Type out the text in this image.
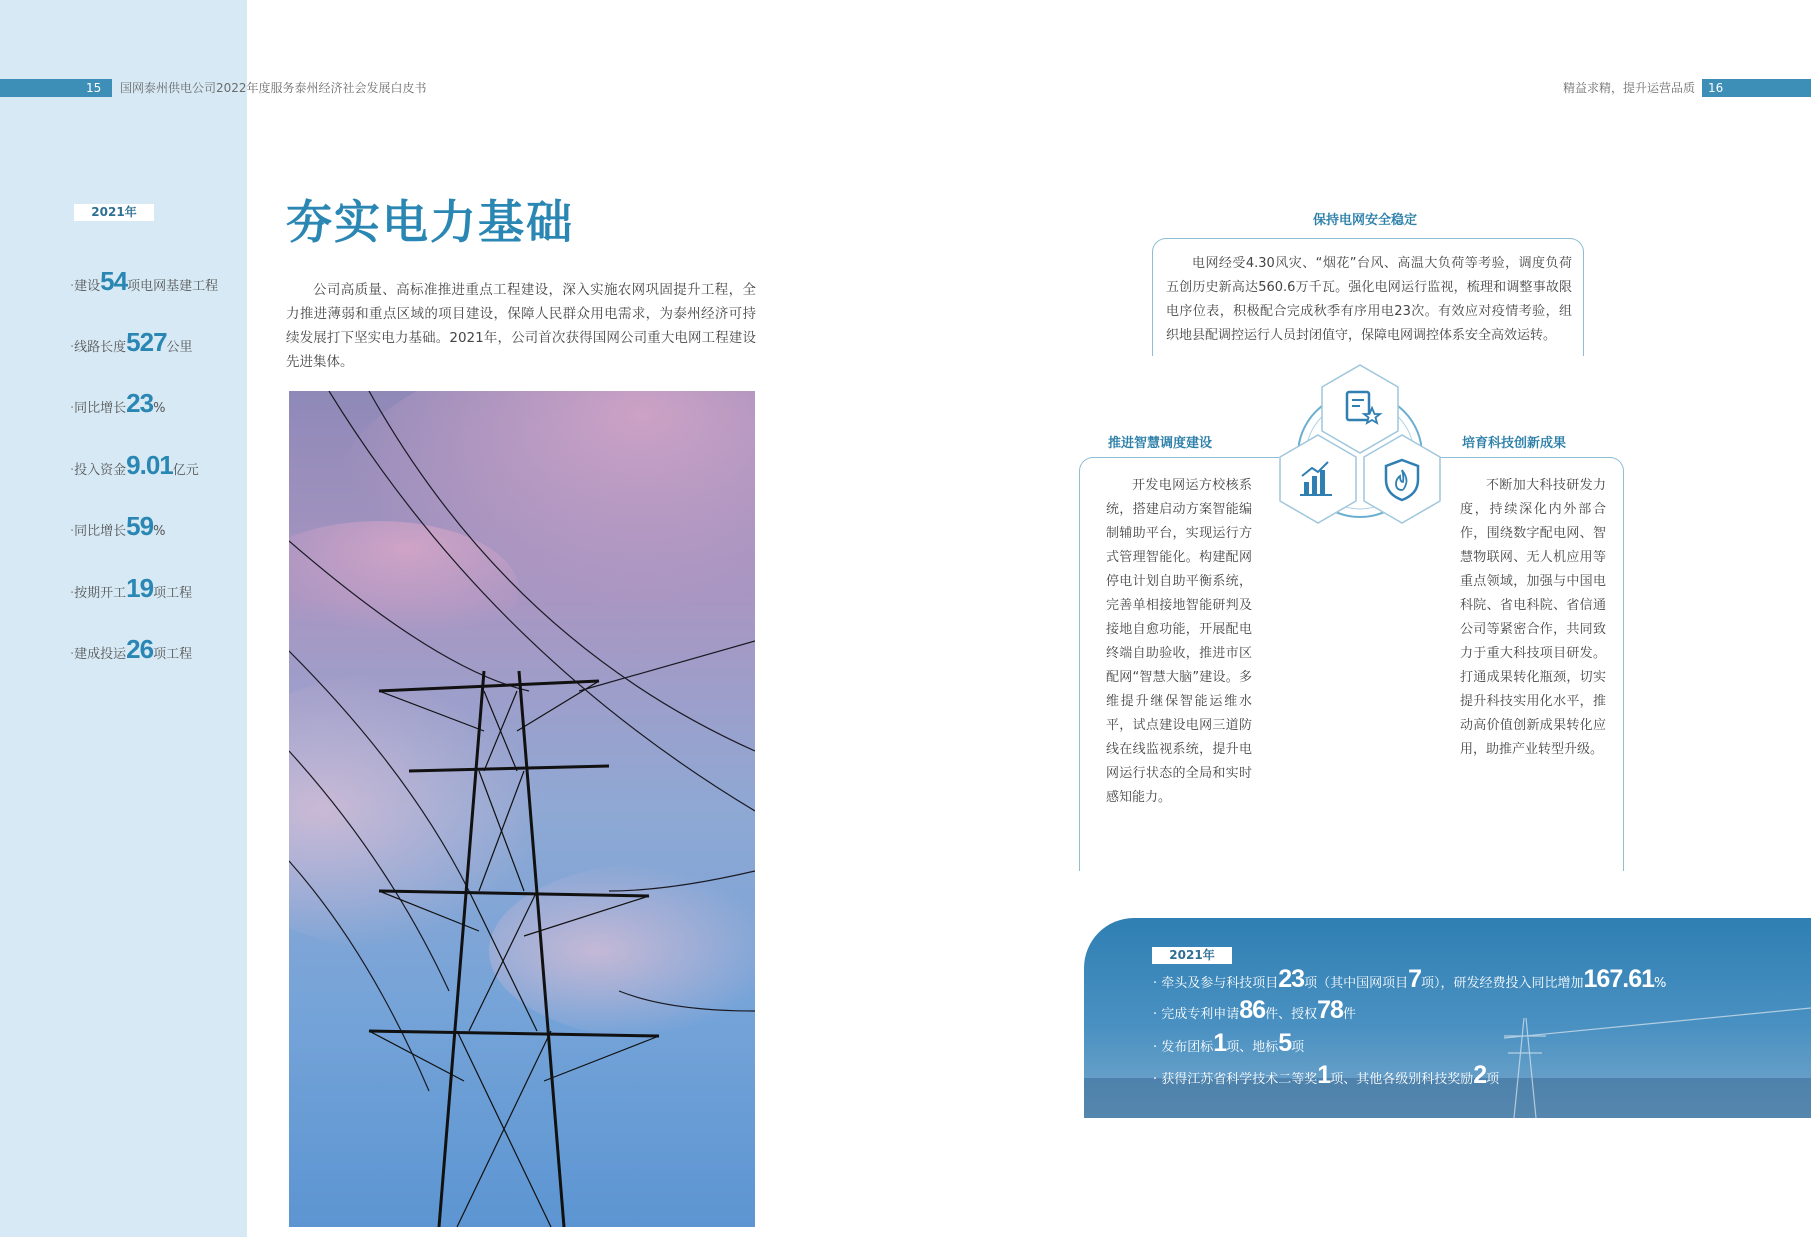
15	国网泰州供电公司2022年度服务泰州经济社会发展白皮书	精益求精，提升运营品质 16
2021年
·建设54项电网基建工程
·线路长度527公里
·同比增长23%
·投入资金9.01亿元
·同比增长59%
·按期开工19项工程
·建成投运26项工程
夯实电力基础
公司高质量、高标准推进重点工程建设，深入实施农网巩固提升工程，全力推进薄弱和重点区域的项目建设，保障人民群众用电需求，为泰州经济可持续发展打下坚实电力基础。2021年，公司首次获得国网公司重大电网工程建设先进集体。
保持电网安全稳定
电网经受4.30风灾、“烟花”台风、高温大负荷等考验，调度负荷五创历史新高达560.6万千瓦。强化电网运行监视，梳理和调整事故限电序位表，积极配合完成秋季有序用电23次。有效应对疫情考验，组织地县配调控运行人员封闭值守，保障电网调控体系安全高效运转。
推进智慧调度建设	培育科技创新成果
开发电网运方校核系统，搭建启动方案智能编制辅助平台，实现运行方式管理智能化。构建配网停电计划自助平衡系统，完善单相接地智能研判及接地自愈功能，开展配电终端自助验收，推进市区配网“智慧大脑”建设。多维提升继保智能运维水平，试点建设电网三道防线在线监视系统，提升电网运行状态的全局和实时感知能力。
不断加大科技研发力度，持续深化内外部合作，围绕数字配电网、智慧物联网、无人机应用等重点领域，加强与中国电科院、省电科院、省信通公司等紧密合作，共同致力于重大科技项目研发。打通成果转化瓶颈，切实提升科技实用化水平，推动高价值创新成果转化应用，助推产业转型升级。
2021年
· 牵头及参与科技项目23项（其中国网项目7项），研发经费投入同比增加167.61%
· 完成专利申请86件、授权78件
· 发布团标1项、地标5项
· 获得江苏省科学技术二等奖1项、其他各级别科技奖励2项
